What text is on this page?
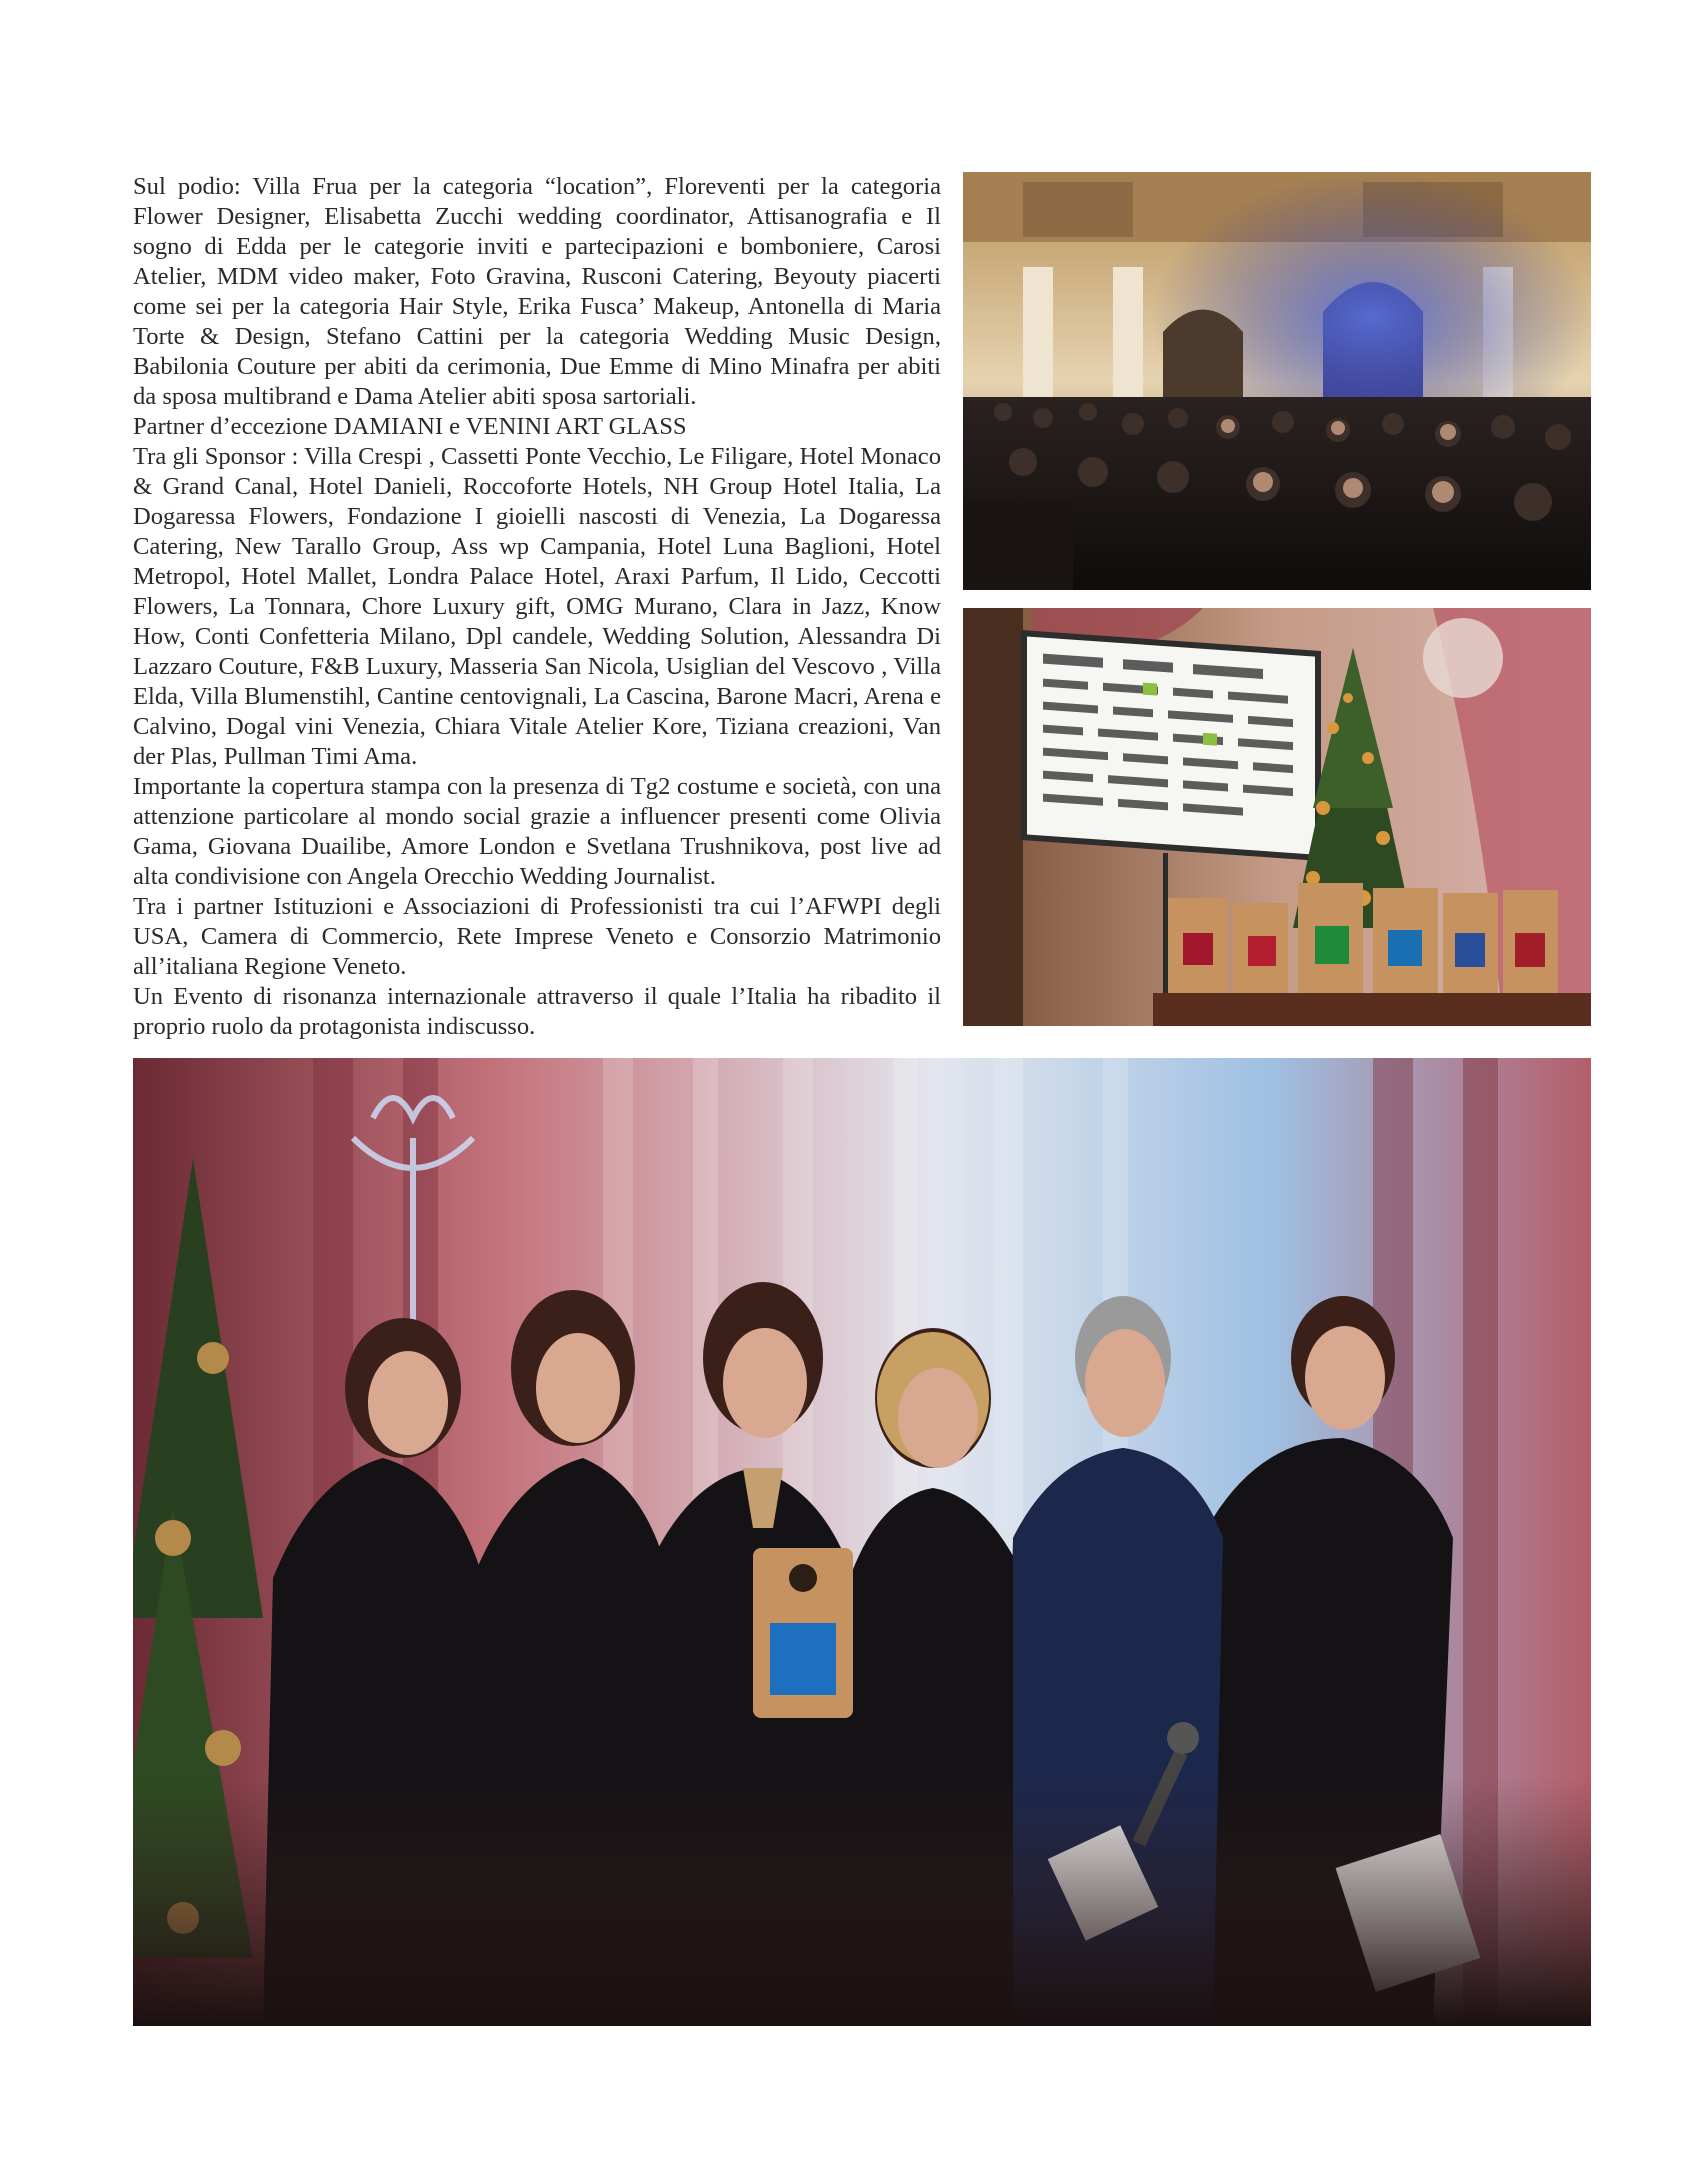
Sul podio: Villa Frua per la categoria “location”, Floreventi per la categoria Flower Designer, Elisabetta Zucchi wedding coordinator, Attisanografia e Il sogno di Edda per le categorie inviti e partecipazioni e bomboniere, Carosi Atelier, MDM video maker, Foto Gravina, Rusconi Catering, Beyouty piacerti come sei per la categoria Hair Style, Erika Fusca’ Makeup, Antonella di Maria Torte & Design, Stefano Cattini per la categoria Wedding Music Design, Babilonia Couture per abiti da cerimonia, Due Emme di Mino Minafra per abiti da sposa multibrand e Dama Atelier abiti sposa sartoriali.

Partner d’eccezione DAMIANI e VENINI ART GLASS

Tra gli Sponsor : Villa Crespi , Cassetti Ponte Vecchio, Le Filigare, Hotel Monaco & Grand Canal, Hotel Danieli, Roccoforte Hotels, NH Group Hotel Italia, La Dogaressa Flowers, Fondazione I gioielli nascosti di Venezia, La Dogaressa Catering, New Tarallo Group, Ass wp Campania, Hotel Luna Baglioni, Hotel Metropol, Hotel Mallet, Londra Palace Hotel, Araxi Parfum, Il Lido, Ceccotti Flowers, La Tonnara, Chore Luxury gift, OMG Murano, Clara in Jazz, Know How, Conti Confetteria Milano, Dpl candele, Wedding Solution, Alessandra Di Lazzaro Couture, F&B Luxury, Masseria San Nicola, Usiglian del Vescovo , Villa Elda, Villa Blumenstihl, Cantine centovignali, La Cascina, Barone Macri, Arena e Calvino, Dogal vini Venezia, Chiara Vitale Atelier Kore, Tiziana creazioni, Van der Plas, Pullman Timi Ama.

Importante la copertura stampa con la presenza di Tg2 costume e società, con una attenzione particolare al mondo social grazie a influencer presenti come Olivia Gama, Giovana Duailibe, Amore London e Svetlana Trushnikova, post live ad alta condivisione con Angela Orecchio Wedding Journalist.

Tra i partner Istituzioni e Associazioni di Professionisti tra cui l’AFWPI degli USA, Camera di Commercio, Rete Imprese Veneto e Consorzio Matrimonio all’italiana Regione Veneto.

Un Evento di risonanza internazionale attraverso il quale l’Italia ha ribadito il proprio ruolo da protagonista indiscusso.
